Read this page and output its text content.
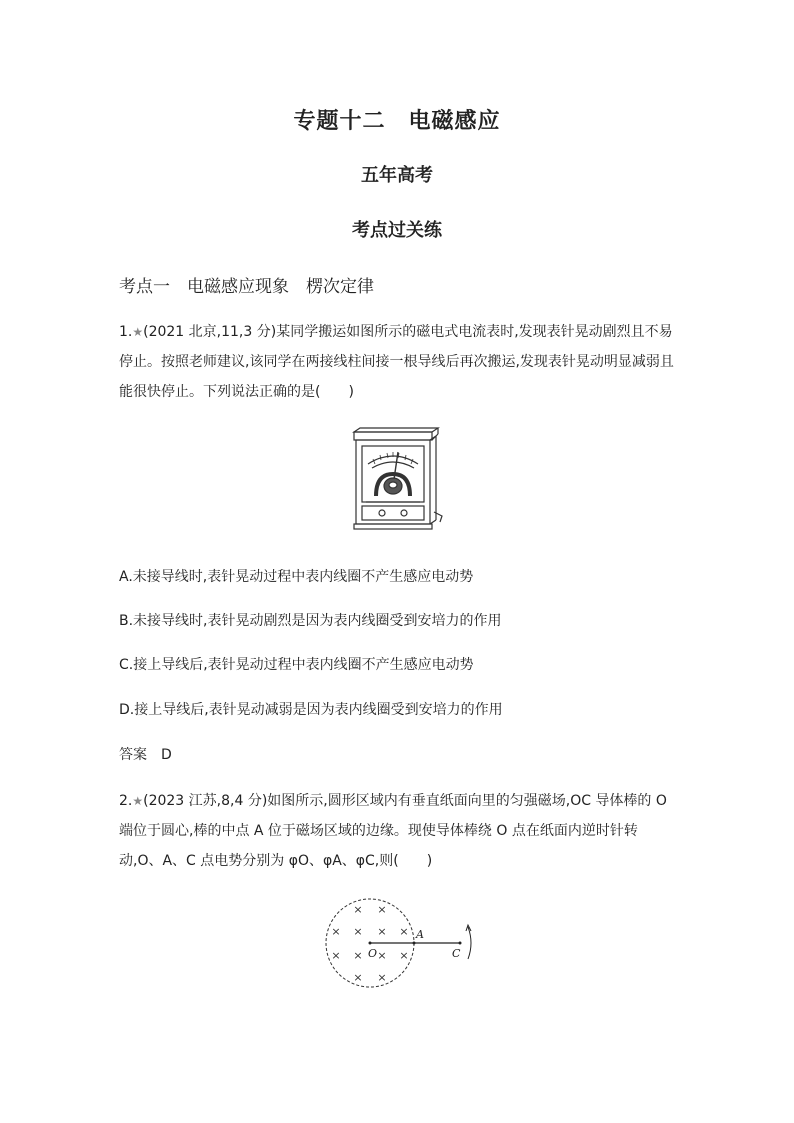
专题十二　电磁感应
五年高考
考点过关练
考点一　电磁感应现象　楞次定律
1.★(2021 北京,11,3 分)某同学搬运如图所示的磁电式电流表时,发现表针晃动剧烈且不易停止。按照老师建议,该同学在两接线柱间接一根导线后再次搬运,发现表针晃动明显减弱且能很快停止。下列说法正确的是(　　)
A.未接导线时,表针晃动过程中表内线圈不产生感应电动势
B.未接导线时,表针晃动剧烈是因为表内线圈受到安培力的作用
C.接上导线后,表针晃动过程中表内线圈不产生感应电动势
D.接上导线后,表针晃动减弱是因为表内线圈受到安培力的作用
答案　D
2.★(2023 江苏,8,4 分)如图所示,圆形区域内有垂直纸面向里的匀强磁场,OC 导体棒的 O 端位于圆心,棒的中点 A 位于磁场区域的边缘。现使导体棒绕 O 点在纸面内逆时针转动,O、A、C 点电势分别为 φO、φA、φC,则(　　)
× ×
× × × ×
× × × ×
× ×
O
A
C
